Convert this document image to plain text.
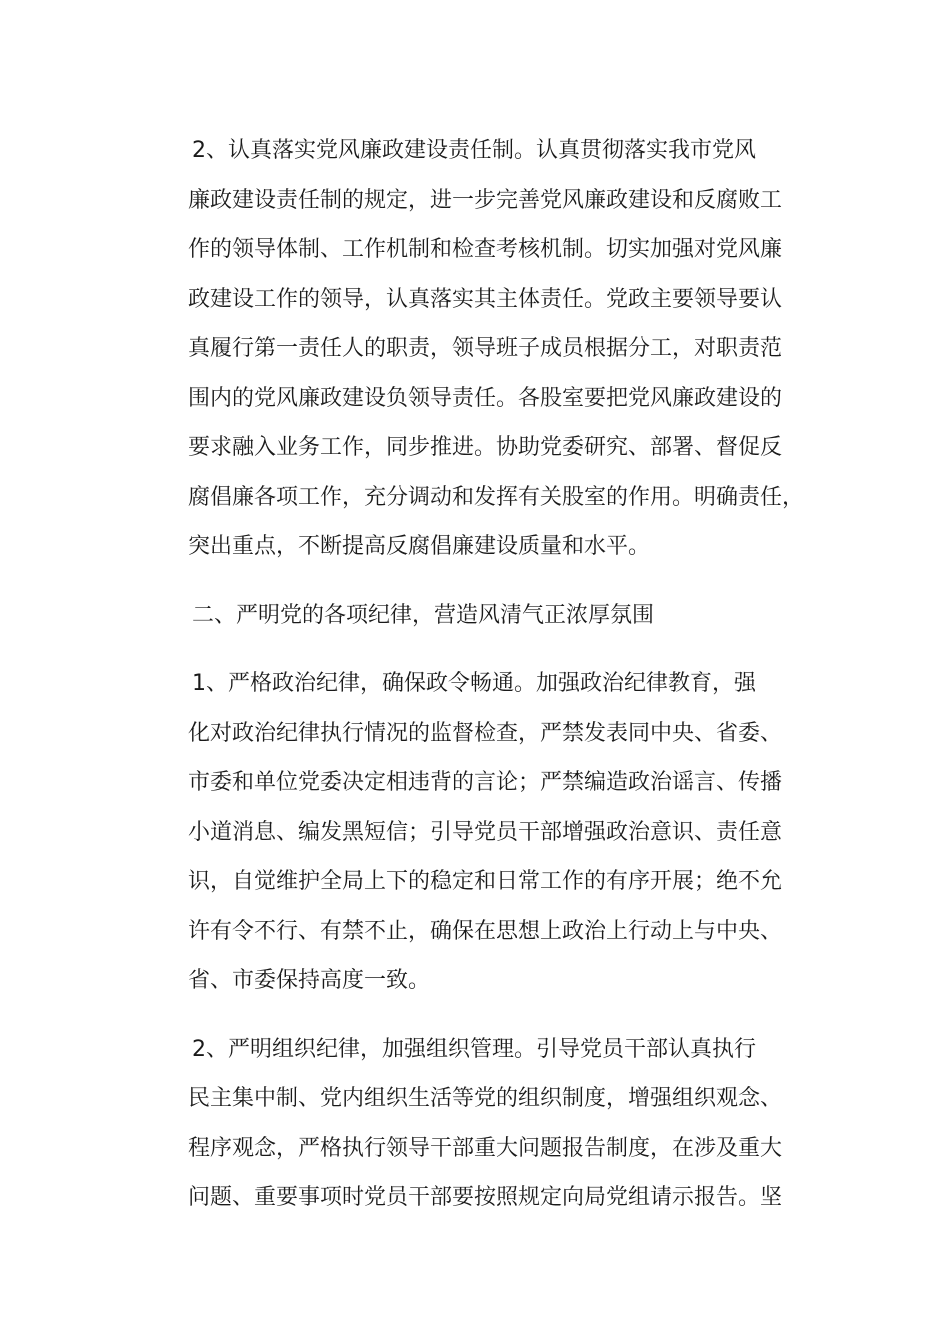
2、认真落实党风廉政建设责任制。认真贯彻落实我市党风
廉政建设责任制的规定，进一步完善党风廉政建设和反腐败工
作的领导体制、工作机制和检查考核机制。切实加强对党风廉
政建设工作的领导，认真落实其主体责任。党政主要领导要认
真履行第一责任人的职责，领导班子成员根据分工，对职责范
围内的党风廉政建设负领导责任。各股室要把党风廉政建设的
要求融入业务工作，同步推进。协助党委研究、部署、督促反
腐倡廉各项工作，充分调动和发挥有关股室的作用。明确责任，
突出重点，不断提高反腐倡廉建设质量和水平。
二、严明党的各项纪律，营造风清气正浓厚氛围
1、严格政治纪律，确保政令畅通。加强政治纪律教育，强
化对政治纪律执行情况的监督检查，严禁发表同中央、省委、
市委和单位党委决定相违背的言论；严禁编造政治谣言、传播
小道消息、编发黑短信；引导党员干部增强政治意识、责任意
识，自觉维护全局上下的稳定和日常工作的有序开展；绝不允
许有令不行、有禁不止，确保在思想上政治上行动上与中央、
省、市委保持高度一致。
2、严明组织纪律，加强组织管理。引导党员干部认真执行
民主集中制、党内组织生活等党的组织制度，增强组织观念、
程序观念，严格执行领导干部重大问题报告制度，在涉及重大
问题、重要事项时党员干部要按照规定向局党组请示报告。坚
